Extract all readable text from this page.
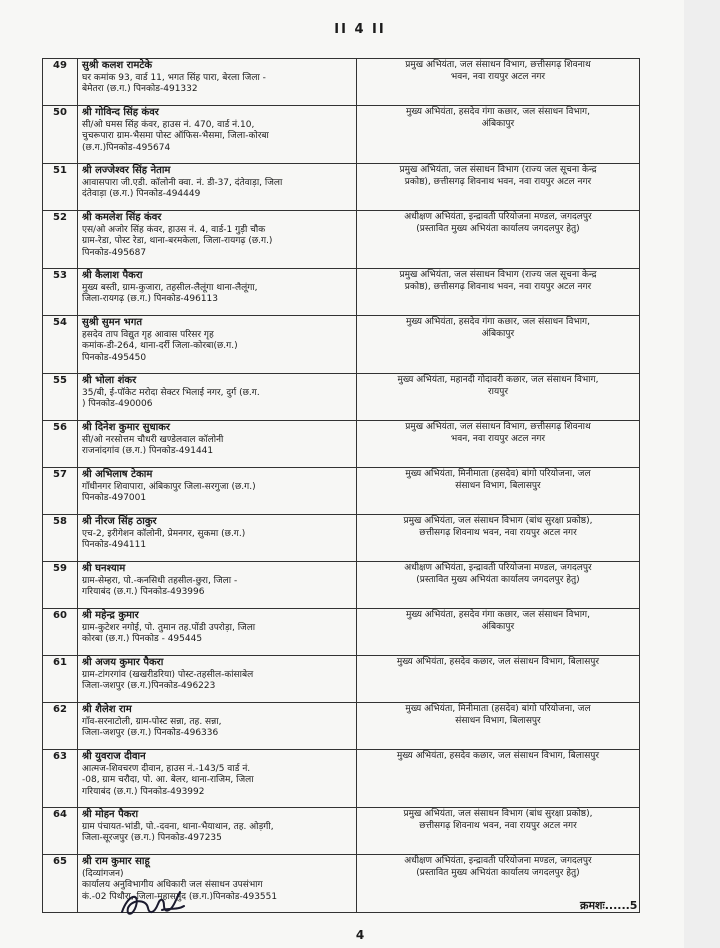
II 4 II
49	सुश्री कलश रामटेके
घर कमांक 93, वार्ड 11, भगत सिंह पारा, बेरला जिला -
बेमेतरा (छ.ग.) पिनकोड-491332	प्रमुख अभियंता, जल संसाधन विभाग, छत्तीसगढ़ शिवनाथ
भवन, नवा रायपुर अटल नगर

50	श्री गोविन्द सिंह कंवर
सी/ओ घमस सिंह कंवर, हाउस नं. 470, वार्ड नं.10,
चुचरूपारा ग्राम-भैसमा पोस्ट ऑफिस-भैसमा, जिला-कोरबा
(छ.ग.)पिनकोड-495674	मुख्य अभियंता, हसदेव गंगा कछार, जल संसाधन विभाग,
अंबिकापुर

51	श्री लज्जेश्वर सिंह नेताम
आवासपारा जी.एडी. कॉलोनी क्वा. नं. डी-37, दंतेवाड़ा, जिला
दंतेवाड़ा (छ.ग.) पिनकोड-494449	प्रमुख अभियंता, जल संसाधन विभाग (राज्य जल सूचना केन्द्र
प्रकोष्ठ), छत्तीसगढ़ शिवनाथ भवन, नवा रायपुर अटल नगर

52	श्री कमलेश सिंह कंवर
एस/ओ अजोर सिंह कंवर, हाउस नं. 4, वार्ड-1 गुड़ी चौक
ग्राम-रेडा, पोस्ट रेडा, थाना-बरमकेला, जिला-रायगढ़ (छ.ग.)
पिनकोड-495687	अधीक्षण अभियंता, इन्द्रावती परियोजना मण्डल, जगदलपुर
(प्रस्तावित मुख्य अभियंता कार्यालय जगदलपुर हेतु)

53	श्री कैलाश पैकरा
मुख्य बस्ती, ग्राम-कुजारा, तहसील-लैलूंगा थाना-लैलूंगा,
जिला-रायगढ़ (छ.ग.) पिनकोड-496113	प्रमुख अभियंता, जल संसाधन विभाग (राज्य जल सूचना केन्द्र
प्रकोष्ठ), छत्तीसगढ़ शिवनाथ भवन, नवा रायपुर अटल नगर

54	सुश्री सुमन भगत
हसदेव ताप विद्युत गृह आवास परिसर गृह
कमांक-डी-264, थाना-दर्री जिला-कोरबा(छ.ग.)
पिनकोड-495450	मुख्य अभियंता, हसदेव गंगा कछार, जल संसाधन विभाग,
अंबिकापुर

55	श्री भोला शंकर
35/बी, ई-पॉकेट मरोदा सेक्टर भिलाई नगर, दुर्ग (छ.ग.
) पिनकोड-490006	मुख्य अभियंता, महानदी गोदावरी कछार, जल संसाधन विभाग,
रायपुर

56	श्री दिनेश कुमार सुधाकर
सी/ओ नरसोत्तम चौधरी खण्डेलवाल कॉलोनी
राजनांदगांव (छ.ग.) पिनकोड-491441	प्रमुख अभियंता, जल संसाधन विभाग, छत्तीसगढ़ शिवनाथ
भवन, नवा रायपुर अटल नगर

57	श्री अभिलाष टेकाम
गाँधीनगर शिवापारा, अंबिकापुर जिला-सरगुजा (छ.ग.)
पिनकोड-497001	मुख्य अभियंता, मिनीमाता (हसदेव) बांगो परियोजना, जल
संसाधन विभाग, बिलासपुर

58	श्री नीरज सिंह ठाकुर
एच-2, इरीगेशन कॉलोनी, प्रेमनगर, सुकमा (छ.ग.)
पिनकोड-494111	प्रमुख अभियंता, जल संसाधन विभाग (बांध सुरक्षा प्रकोष्ठ),
छत्तीसगढ़ शिवनाथ भवन, नवा रायपुर अटल नगर

59	श्री घनश्याम
ग्राम-सेम्हरा, पो.-कनसिधी तहसील-छुरा, जिला -
गरियाबंद (छ.ग.) पिनकोड-493996	अधीक्षण अभियंता, इन्द्रावती परियोजना मण्डल, जगदलपुर
(प्रस्तावित मुख्य अभियंता कार्यालय जगदलपुर हेतु)

60	श्री महेन्द्र कुमार
ग्राम-कुटेशर नगोई, पो. तुमान तह.पोंडी उपरोड़ा, जिला
कोरबा (छ.ग.) पिनकोड - 495445	मुख्य अभियंता, हसदेव गंगा कछार, जल संसाधन विभाग,
अंबिकापुर

61	श्री अजय कुमार पैकरा
ग्राम-टांगरगांव (खखरीडरिया) पोस्ट-तहसील-कांसाबेल
जिला-जशपुर (छ.ग.)पिनकोड-496223	मुख्य अभियंता, हसदेव कछार, जल संसाधन विभाग, बिलासपुर

62	श्री शैलेश राम
गाँव-सरनाटोली, ग्राम-पोस्ट सन्ना, तह. सन्ना,
जिला-जशपुर (छ.ग.) पिनकोड-496336	मुख्य अभियंता, मिनीमाता (हसदेव) बांगो परियोजना, जल
संसाधन विभाग, बिलासपुर

63	श्री युवराज दीवान
आत्मज-शिवचरण दीवान, हाउस नं.-143/5 वार्ड नं.
-08, ग्राम चरौदा, पो. आ. बेलर, थाना-राजिम, जिला
गरियाबंद (छ.ग.) पिनकोड-493992	मुख्य अभियंता, हसदेव कछार, जल संसाधन विभाग, बिलासपुर

64	श्री मोहन पैकरा
ग्राम पंचायत-भांडी, पो.-दवना, थाना-भैयाथान, तह. ओड़गी,
जिला-सूरजपुर (छ.ग.) पिनकोड-497235	प्रमुख अभियंता, जल संसाधन विभाग (बांध सुरक्षा प्रकोष्ठ),
छत्तीसगढ़ शिवनाथ भवन, नवा रायपुर अटल नगर

65	श्री राम कुमार साहू
(दिव्यांगजन)
कार्यालय अनुविभागीय अधिकारी जल संसाधन उपसंभाग
कं.-02 पिथौरा, जिला-महासमुंद (छ.ग.)पिनकोड-493551	अधीक्षण अभियंता, इन्द्रावती परियोजना मण्डल, जगदलपुर
(प्रस्तावित मुख्य अभियंता कार्यालय जगदलपुर हेतु)
क्रमशः......5
4
